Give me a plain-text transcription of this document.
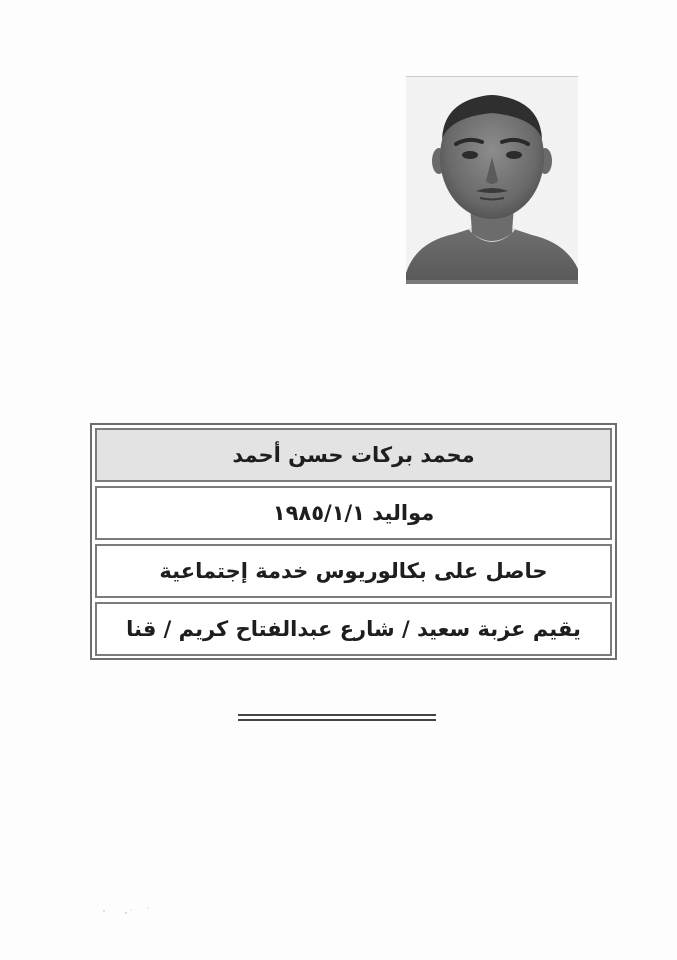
محمد بركات حسن أحمد
مواليد ١٩٨٥/١/١
حاصل على بكالوريوس خدمة إجتماعية
يقيم عزبة سعيد / شارع عبدالفتاح كريم / قنا
